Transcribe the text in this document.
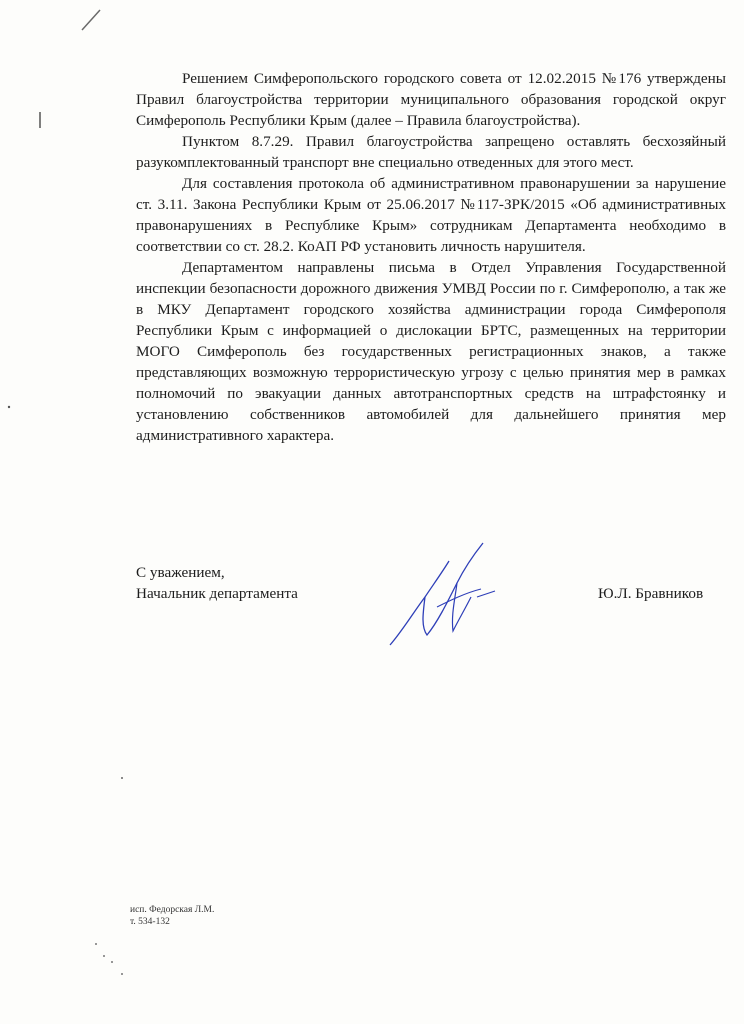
Решением Симферопольского городского совета от 12.02.2015 №176 утверждены Правил благоустройства территории муниципального образования городской округ Симферополь Республики Крым (далее – Правила благоустройства).

Пунктом 8.7.29. Правил благоустройства запрещено оставлять бесхозяйный разукомплектованный транспорт вне специально отведенных для этого мест.

Для составления протокола об административном правонарушении за нарушение ст. 3.11. Закона Республики Крым от 25.06.2017 №117-ЗРК/2015 «Об административных правонарушениях в Республике Крым» сотрудникам Департамента необходимо в соответствии со ст. 28.2. КоАП РФ установить личность нарушителя.

Департаментом направлены письма в Отдел Управления Государственной инспекции безопасности дорожного движения УМВД России по г. Симферополю, а так же в МКУ Департамент городского хозяйства администрации города Симферополя Республики Крым с информацией о дислокации БРТС, размещенных на территории МОГО Симферополь без государственных регистрационных знаков, а также представляющих возможную террористическую угрозу с целью принятия мер в рамках полномочий по эвакуации данных автотранспортных средств на штрафстоянку и установлению собственников автомобилей для дальнейшего принятия мер административного характера.

С уважением,
Начальник департамента	Ю.Л. Бравников
исп. Федорская Л.М.
т. 534-132
